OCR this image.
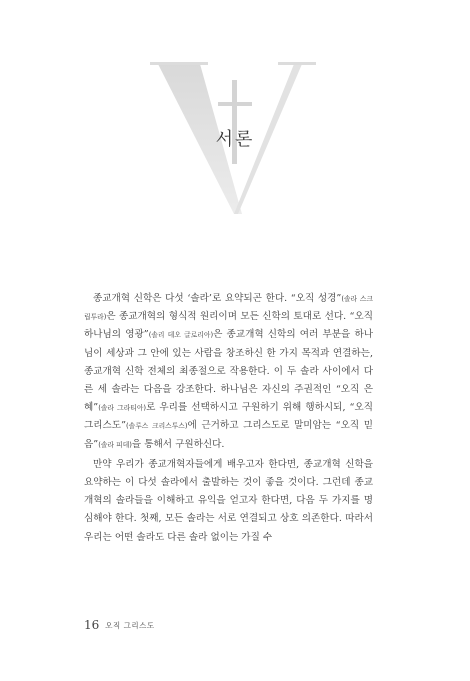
서론

종교개혁 신학은 다섯 ‘솔라’로 요약되곤 한다. “오직 성경”(솔라 스크립투라)은 종교개혁의 형식적 원리이며 모든 신학의 토대로 선다. “오직 하나님의 영광”(솔리 데오 글로리아)은 종교개혁 신학의 여러 부분을 하나님이 세상과 그 안에 있는 사람을 창조하신 한 가지 목적과 연결하는, 종교개혁 신학 전체의 최종절으로 작용한다. 이 두 솔라 사이에서 다른 세 솔라는 다음을 강조한다. 하나님은 자신의 주권적인 “오직 은혜”(솔라 그라티아)로 우리를 선택하시고 구원하기 위해 행하시되, “오직 그리스도”(솔루스 크리스투스)에 근거하고 그리스도로 말미암는 “오직 믿음”(솔라 피데)을 통해서 구원하신다.

만약 우리가 종교개혁자들에게 배우고자 한다면, 종교개혁 신학을 요약하는 이 다섯 솔라에서 출발하는 것이 좋을 것이다. 그런데 종교개혁의 솔라들을 이해하고 유익을 얻고자 한다면, 다음 두 가지를 명심해야 한다. 첫째, 모든 솔라는 서로 연결되고 상호 의존한다. 따라서 우리는 어떤 솔라도 다른 솔라 없이는 가질 수

16 오직 그리스도
